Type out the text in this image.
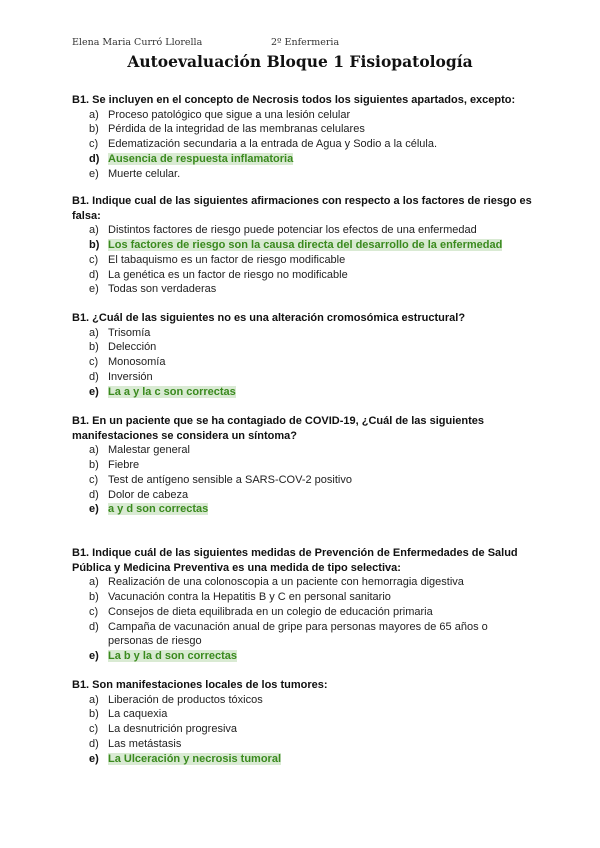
Elena Maria Curró Llorella	2º Enfermeria
Autoevaluación Bloque 1 Fisiopatología
B1. Se incluyen en el concepto de Necrosis todos los siguientes apartados, excepto:
a) Proceso patológico que sigue a una lesión celular
b) Pérdida de la integridad de las membranas celulares
c) Edematización secundaria a la entrada de Agua y Sodio a la célula.
d) Ausencia de respuesta inflamatoria
e) Muerte celular.
B1. Indique cual de las siguientes afirmaciones con respecto a los factores de riesgo es falsa:
a) Distintos factores de riesgo puede potenciar los efectos de una enfermedad
b) Los factores de riesgo son la causa directa del desarrollo de la enfermedad
c) El tabaquismo es un factor de riesgo modificable
d) La genética es un factor de riesgo no modificable
e) Todas son verdaderas
B1. ¿Cuál de las siguientes no es una alteración cromosómica estructural?
a) Trisomía
b) Delección
c) Monosomía
d) Inversión
e) La a y la c son correctas
B1. En un paciente que se ha contagiado de COVID-19, ¿Cuál de las siguientes manifestaciones se considera un síntoma?
a) Malestar general
b) Fiebre
c) Test de antígeno sensible a SARS-COV-2 positivo
d) Dolor de cabeza
e) a y d son correctas
B1. Indique cuál de las siguientes medidas de Prevención de Enfermedades de Salud Pública y Medicina Preventiva es una medida de tipo selectiva:
a) Realización de una colonoscopia a un paciente con hemorragia digestiva
b) Vacunación contra la Hepatitis B y C en personal sanitario
c) Consejos de dieta equilibrada en un colegio de educación primaria
d) Campaña de vacunación anual de gripe para personas mayores de 65 años o personas de riesgo
e) La b y la d son correctas
B1. Son manifestaciones locales de los tumores:
a) Liberación de productos tóxicos
b) La caquexia
c) La desnutrición progresiva
d) Las metástasis
e) La Ulceración y necrosis tumoral
